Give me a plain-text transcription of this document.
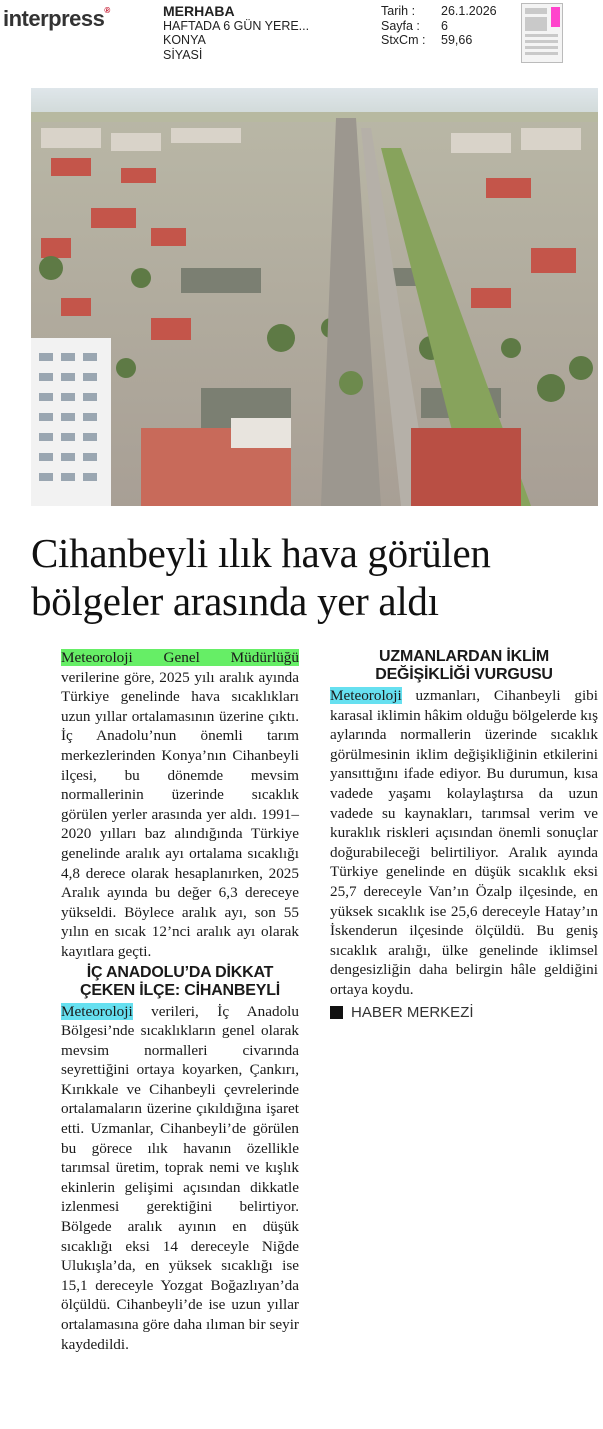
interpress®	MERHABA
HAFTADA 6 GÜN YERE...
KONYA
SİYASİ
Tarih :	26.1.2026
Sayfa :	6
StxCm :	59,66
Cihanbeyli ılık hava görülen
bölgeler arasında yer aldı

Meteoroloji Genel Müdürlüğü verilerine göre, 2025 yılı aralık ayında Türkiye genelinde hava sıcaklıkları uzun yıllar ortalamasının üzerine çıktı. İç Anadolu’nun önemli tarım merkezlerinden Konya’nın Cihanbeyli ilçesi, bu dönemde mevsim normallerinin üzerinde sıcaklık görülen yerler arasında yer aldı. 1991–2020 yılları baz alındığında Türkiye genelinde aralık ayı ortalama sıcaklığı 4,8 derece olarak hesaplanırken, 2025 Aralık ayında bu değer 6,3 dereceye yükseldi. Böylece aralık ayı, son 55 yılın en sıcak 12’nci aralık ayı olarak kayıtlara geçti.

İÇ ANADOLU’DA DİKKAT ÇEKEN İLÇE: CİHANBEYLİ

Meteoroloji verileri, İç Anadolu Bölgesi’nde sıcaklıkların genel olarak mevsim normalleri civarında seyrettiğini ortaya koyarken, Çankırı, Kırıkkale ve Cihanbeyli çevrelerinde ortalamaların üzerine çıkıldığına işaret etti. Uzmanlar, Cihanbeyli’de görülen bu görece ılık havanın özellikle tarımsal üretim, toprak nemi ve kışlık ekinlerin gelişimi açısından dikkatle izlenmesi gerektiğini belirtiyor. Bölgede aralık ayının en düşük sıcaklığı eksi 14 dereceyle Niğde Ulukışla’da, en yüksek sıcaklığı ise 15,1 dereceyle Yozgat Boğazlıyan’da ölçüldü. Cihanbeyli’de ise uzun yıllar ortalamasına göre daha ılıman bir seyir kaydedildi.

UZMANLARDAN İKLİM DEĞİŞİKLİĞİ VURGUSU

Meteoroloji uzmanları, Cihanbeyli gibi karasal iklimin hâkim olduğu bölgelerde kış aylarında normallerin üzerinde sıcaklık görülmesinin iklim değişikliğinin etkilerini yansıttığını ifade ediyor. Bu durumun, kısa vadede yaşamı kolaylaştırsa da uzun vadede su kaynakları, tarımsal verim ve kuraklık riskleri açısından önemli sonuçlar doğurabileceği belirtiliyor. Aralık ayında Türkiye genelinde en düşük sıcaklık eksi 25,7 dereceyle Van’ın Özalp ilçesinde, en yüksek sıcaklık ise 25,6 dereceyle Hatay’ın İskenderun ilçesinde ölçüldü. Bu geniş sıcaklık aralığı, ülke genelinde iklimsel dengesizliğin daha belirgin hâle geldiğini ortaya koydu.

HABER MERKEZİ
